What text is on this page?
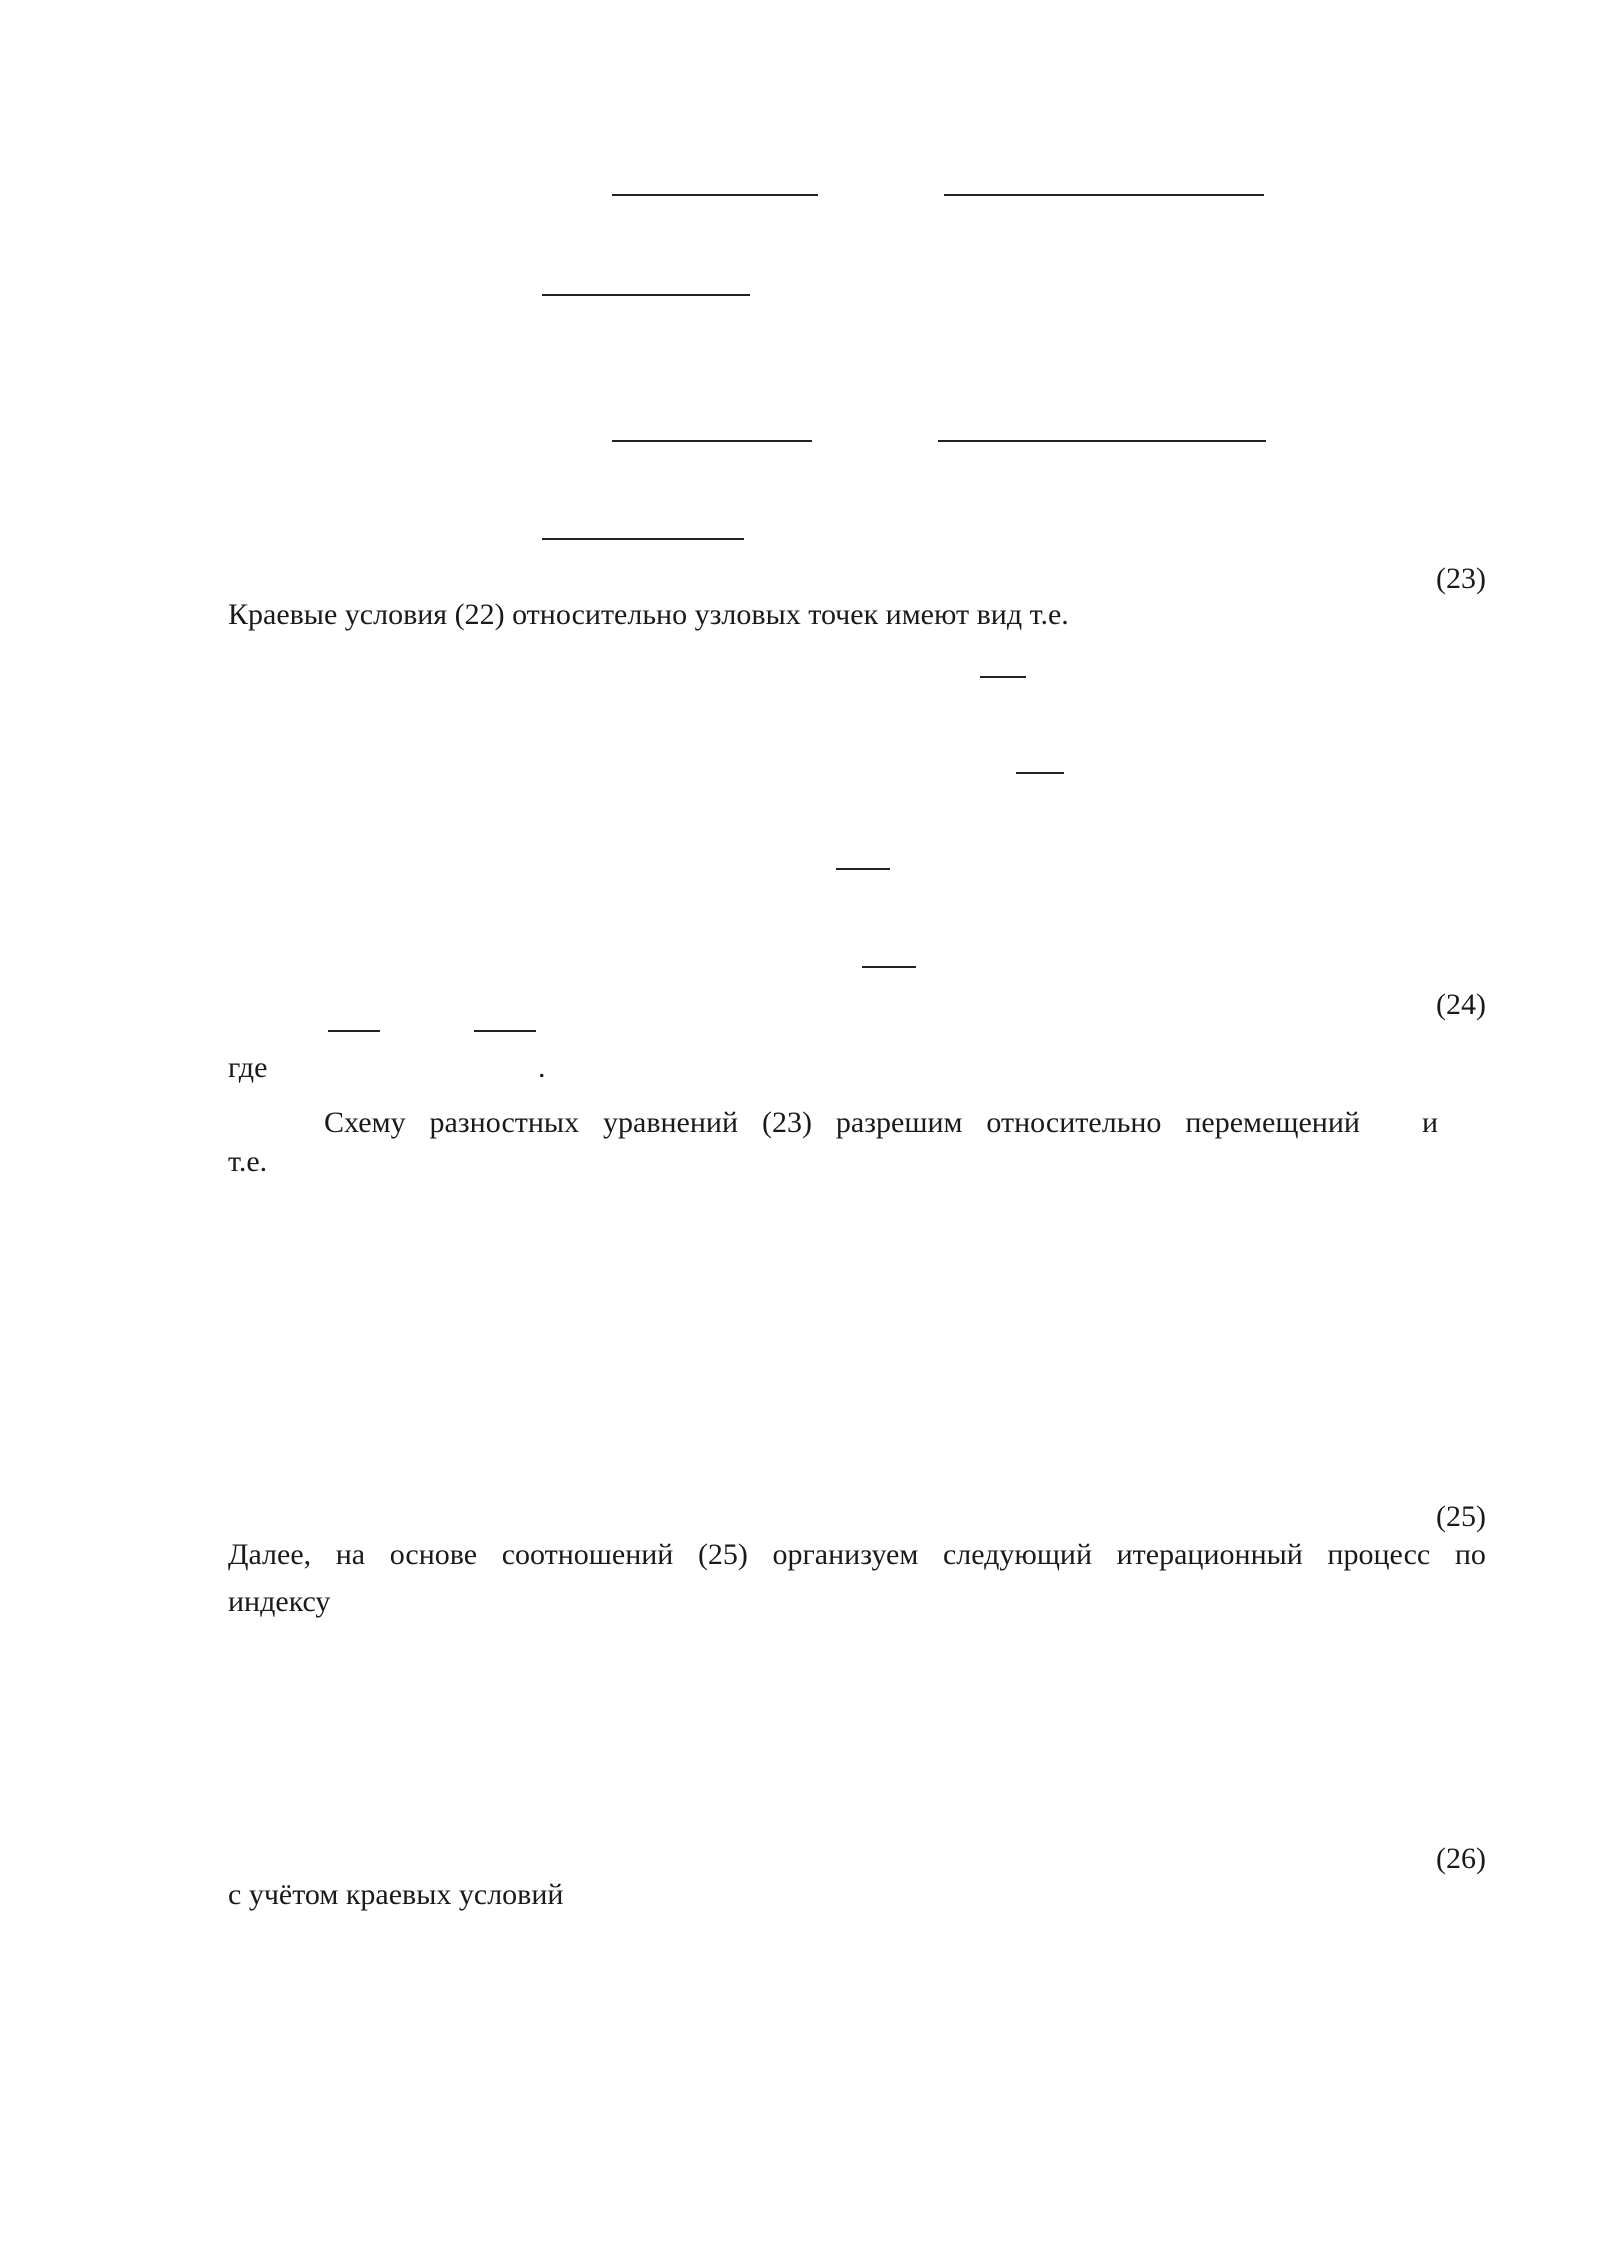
(23)

Краевые условия (22) относительно узловых точек имеют вид т.е.

(24)

где	.

Схему разностных уравнений (23) разрешим относительно перемещений и

т.е.

(25)

Далее, на основе соотношений (25) организуем следующий итерационный процесс по

индексу

(26)

с учётом краевых условий
